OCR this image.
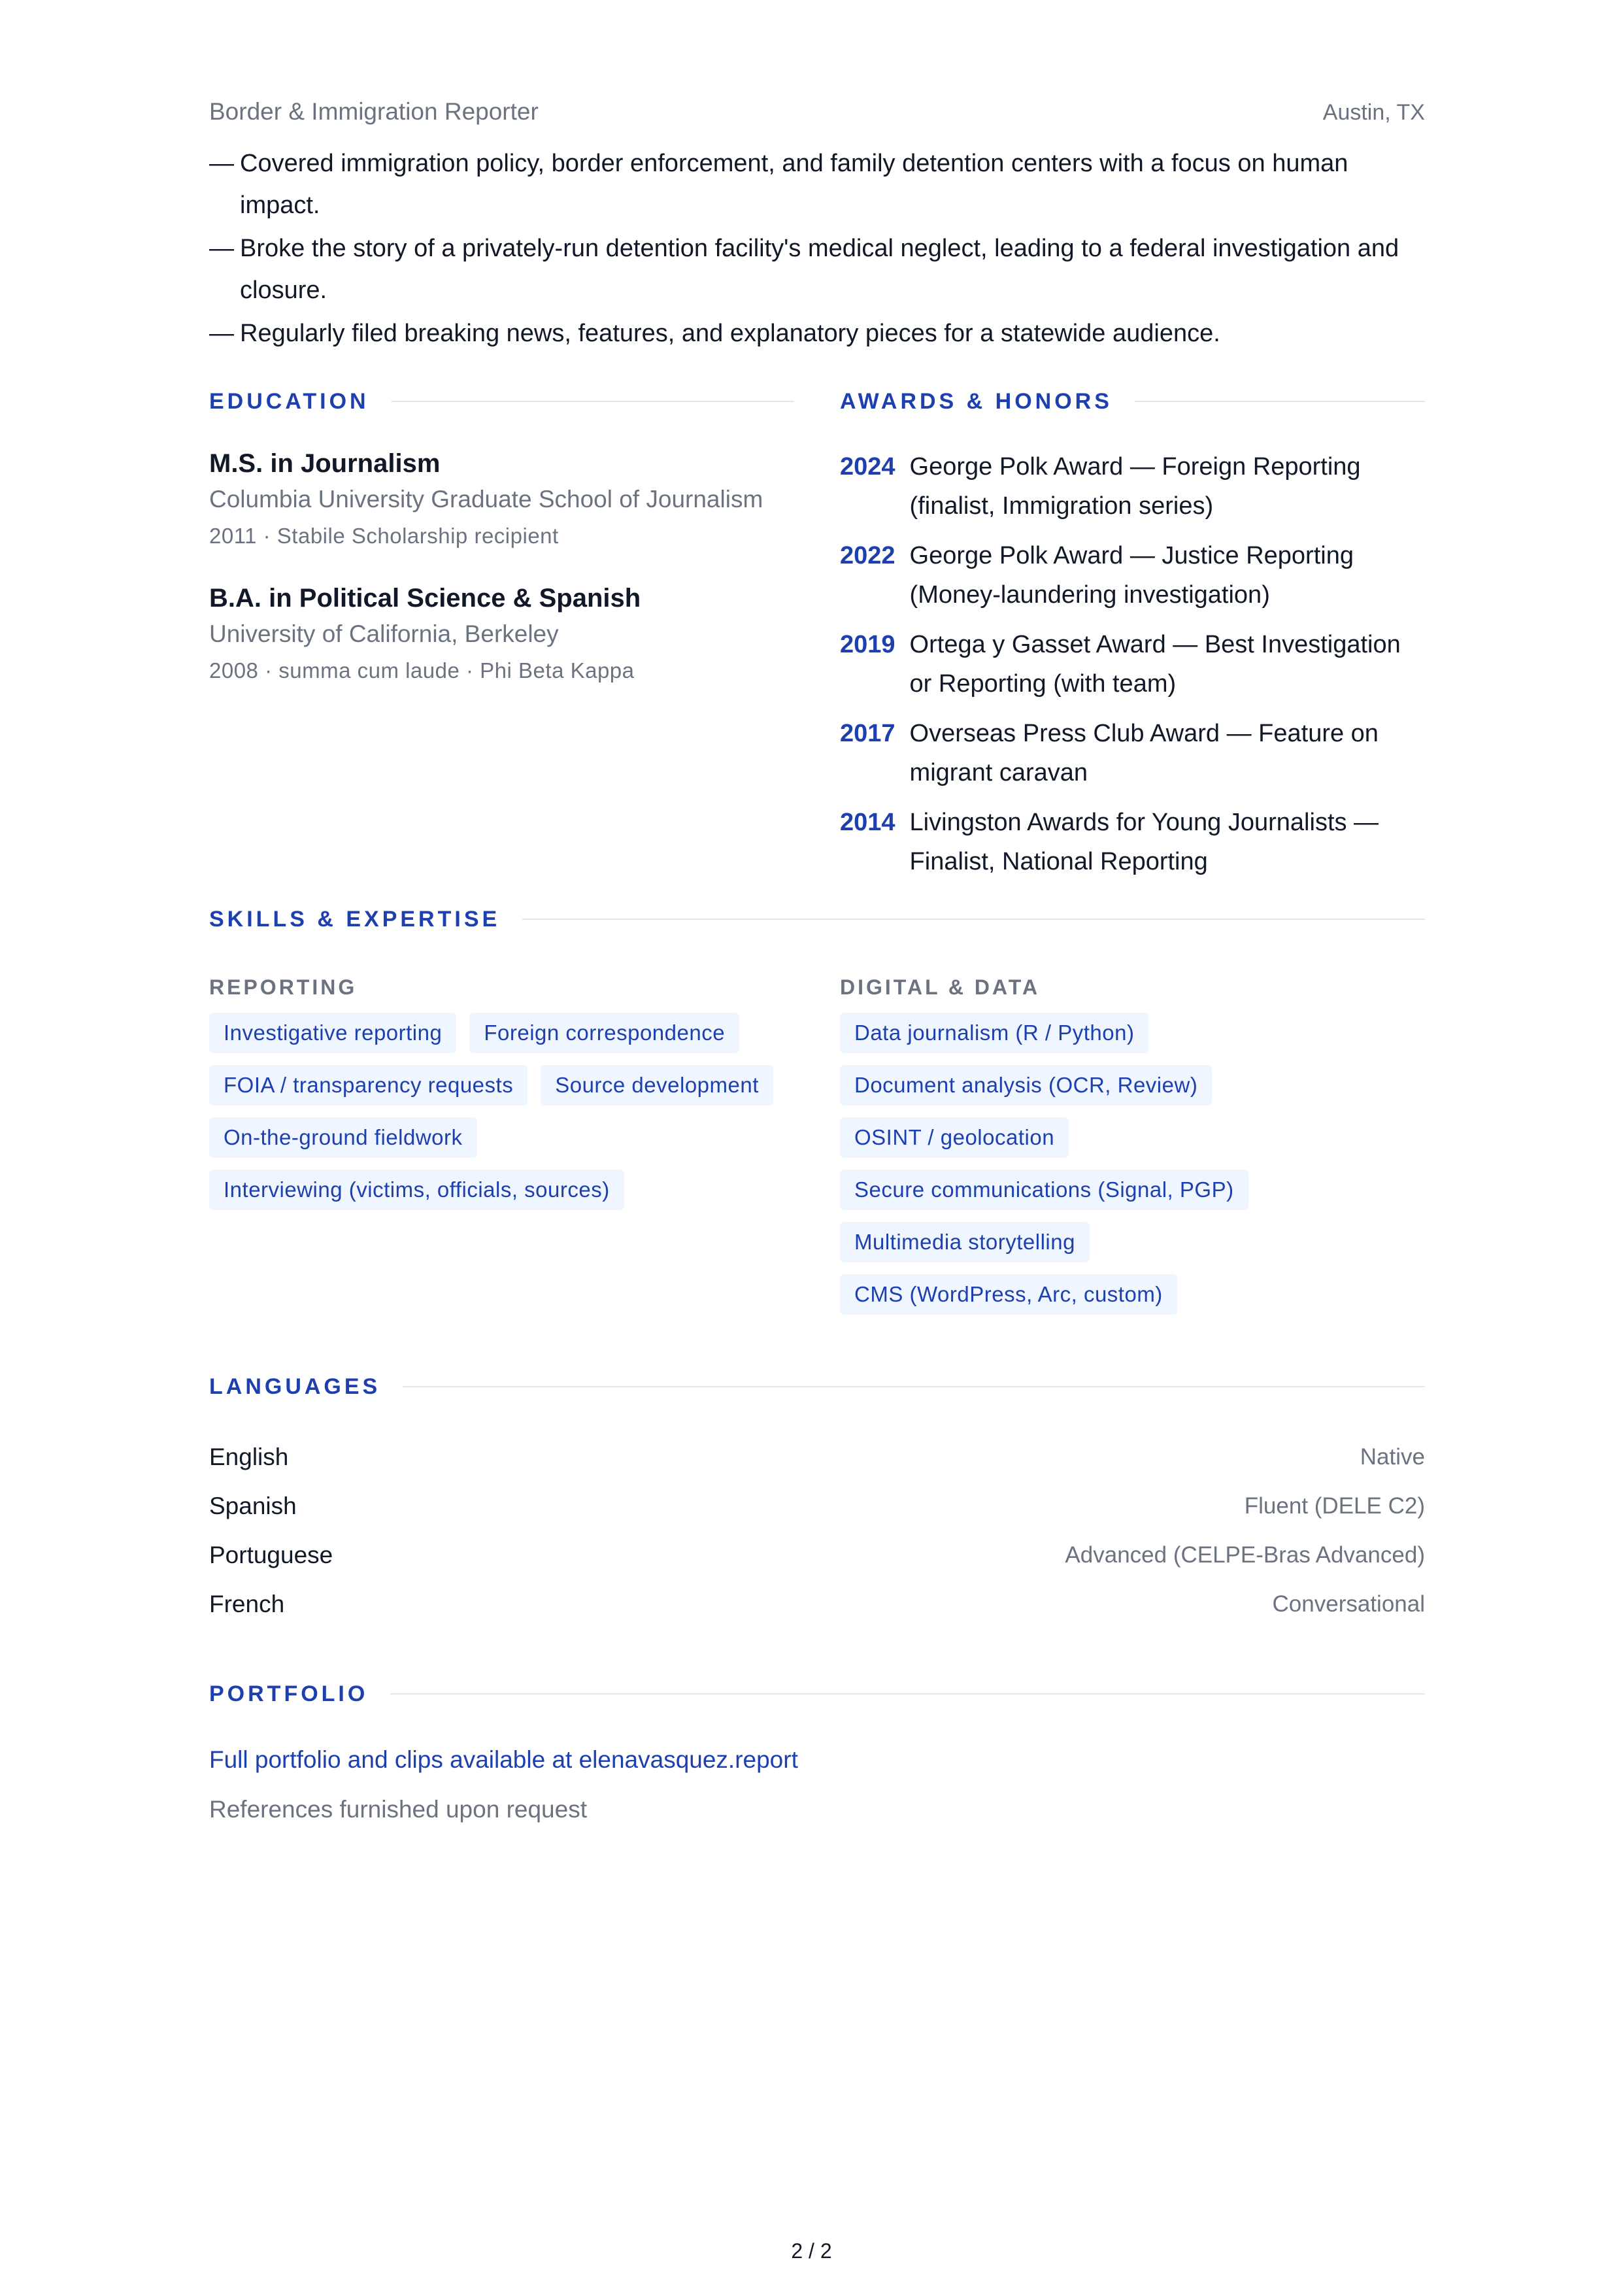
Border & Immigration Reporter	Austin, TX
— Covered immigration policy, border enforcement, and family detention centers with a focus on human impact.
— Broke the story of a privately-run detention facility's medical neglect, leading to a federal investigation and closure.
— Regularly filed breaking news, features, and explanatory pieces for a statewide audience.
EDUCATION
M.S. in Journalism
Columbia University Graduate School of Journalism
2011 · Stabile Scholarship recipient
B.A. in Political Science & Spanish
University of California, Berkeley
2008 · summa cum laude · Phi Beta Kappa
AWARDS & HONORS
2024 George Polk Award — Foreign Reporting (finalist, Immigration series)
2022 George Polk Award — Justice Reporting (Money-laundering investigation)
2019 Ortega y Gasset Award — Best Investigation or Reporting (with team)
2017 Overseas Press Club Award — Feature on migrant caravan
2014 Livingston Awards for Young Journalists — Finalist, National Reporting
SKILLS & EXPERTISE
REPORTING
Investigative reporting	Foreign correspondence
FOIA / transparency requests	Source development
On-the-ground fieldwork
Interviewing (victims, officials, sources)
DIGITAL & DATA
Data journalism (R / Python)
Document analysis (OCR, Review)
OSINT / geolocation
Secure communications (Signal, PGP)
Multimedia storytelling
CMS (WordPress, Arc, custom)
LANGUAGES
English	Native
Spanish	Fluent (DELE C2)
Portuguese	Advanced (CELPE-Bras Advanced)
French	Conversational
PORTFOLIO
Full portfolio and clips available at elenavasquez.report
References furnished upon request
2 / 2
